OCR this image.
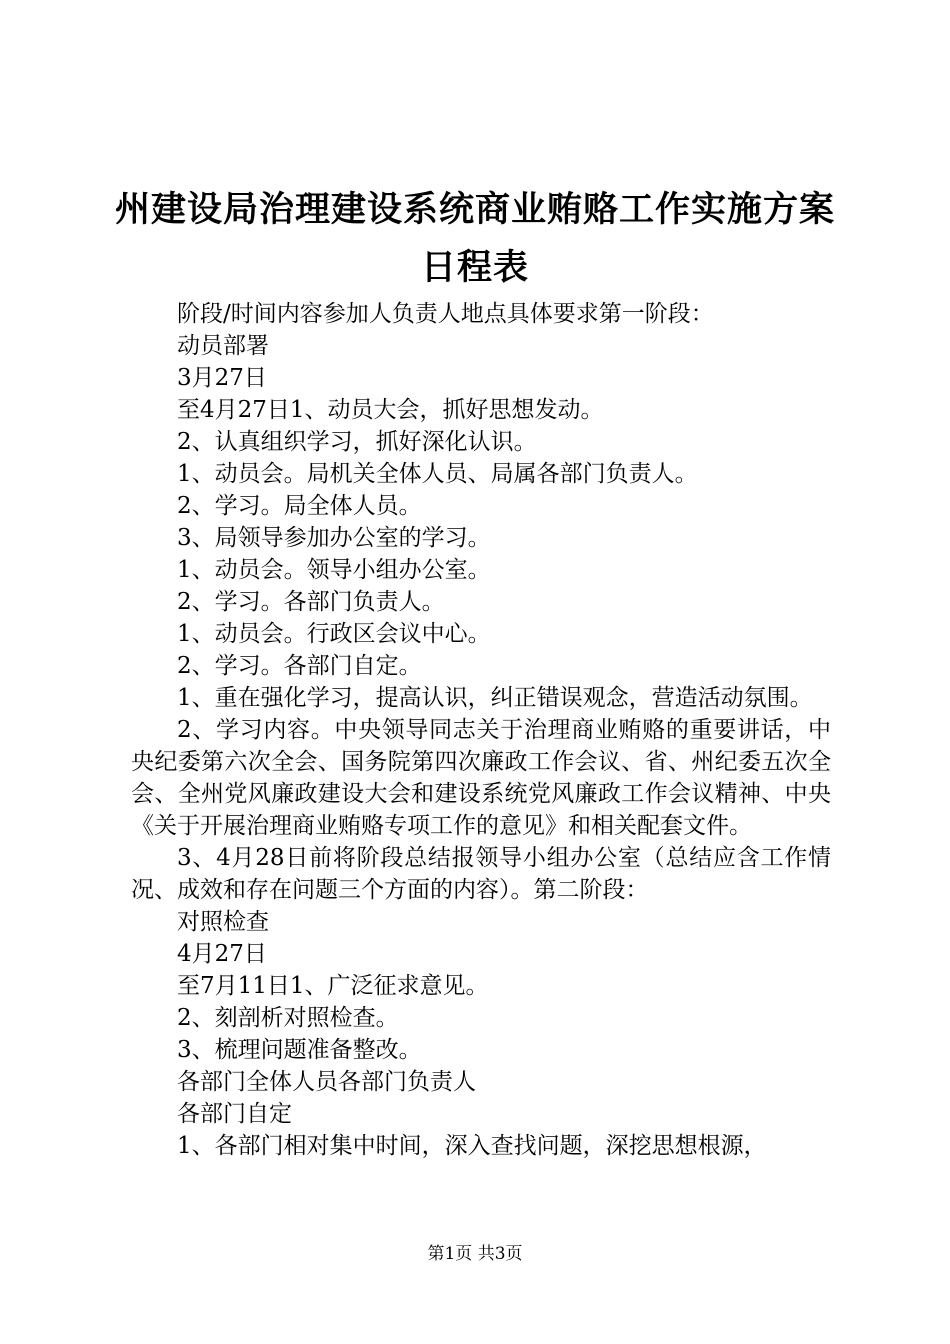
州建设局治理建设系统商业贿赂工作实施方案
日程表

阶段/时间内容参加人负责人地点具体要求第一阶段：

动员部署

3月27日

至4月27日1、动员大会，抓好思想发动。

2、认真组织学习，抓好深化认识。

1、动员会。局机关全体人员、局属各部门负责人。

2、学习。局全体人员。

3、局领导参加办公室的学习。

1、动员会。领导小组办公室。

2、学习。各部门负责人。

1、动员会。行政区会议中心。

2、学习。各部门自定。

1、重在强化学习，提高认识，纠正错误观念，营造活动氛围。

2、学习内容。中央领导同志关于治理商业贿赂的重要讲话，中央纪委第六次全会、国务院第四次廉政工作会议、省、州纪委五次全会、全州党风廉政建设大会和建设系统党风廉政工作会议精神、中央《关于开展治理商业贿赂专项工作的意见》和相关配套文件。

3、4月28日前将阶段总结报领导小组办公室（总结应含工作情况、成效和存在问题三个方面的内容）。第二阶段：

对照检查

4月27日

至7月11日1、广泛征求意见。

2、刻剖析对照检查。

3、梳理问题准备整改。

各部门全体人员各部门负责人

各部门自定

1、各部门相对集中时间，深入查找问题，深挖思想根源，

第1页 共3页
